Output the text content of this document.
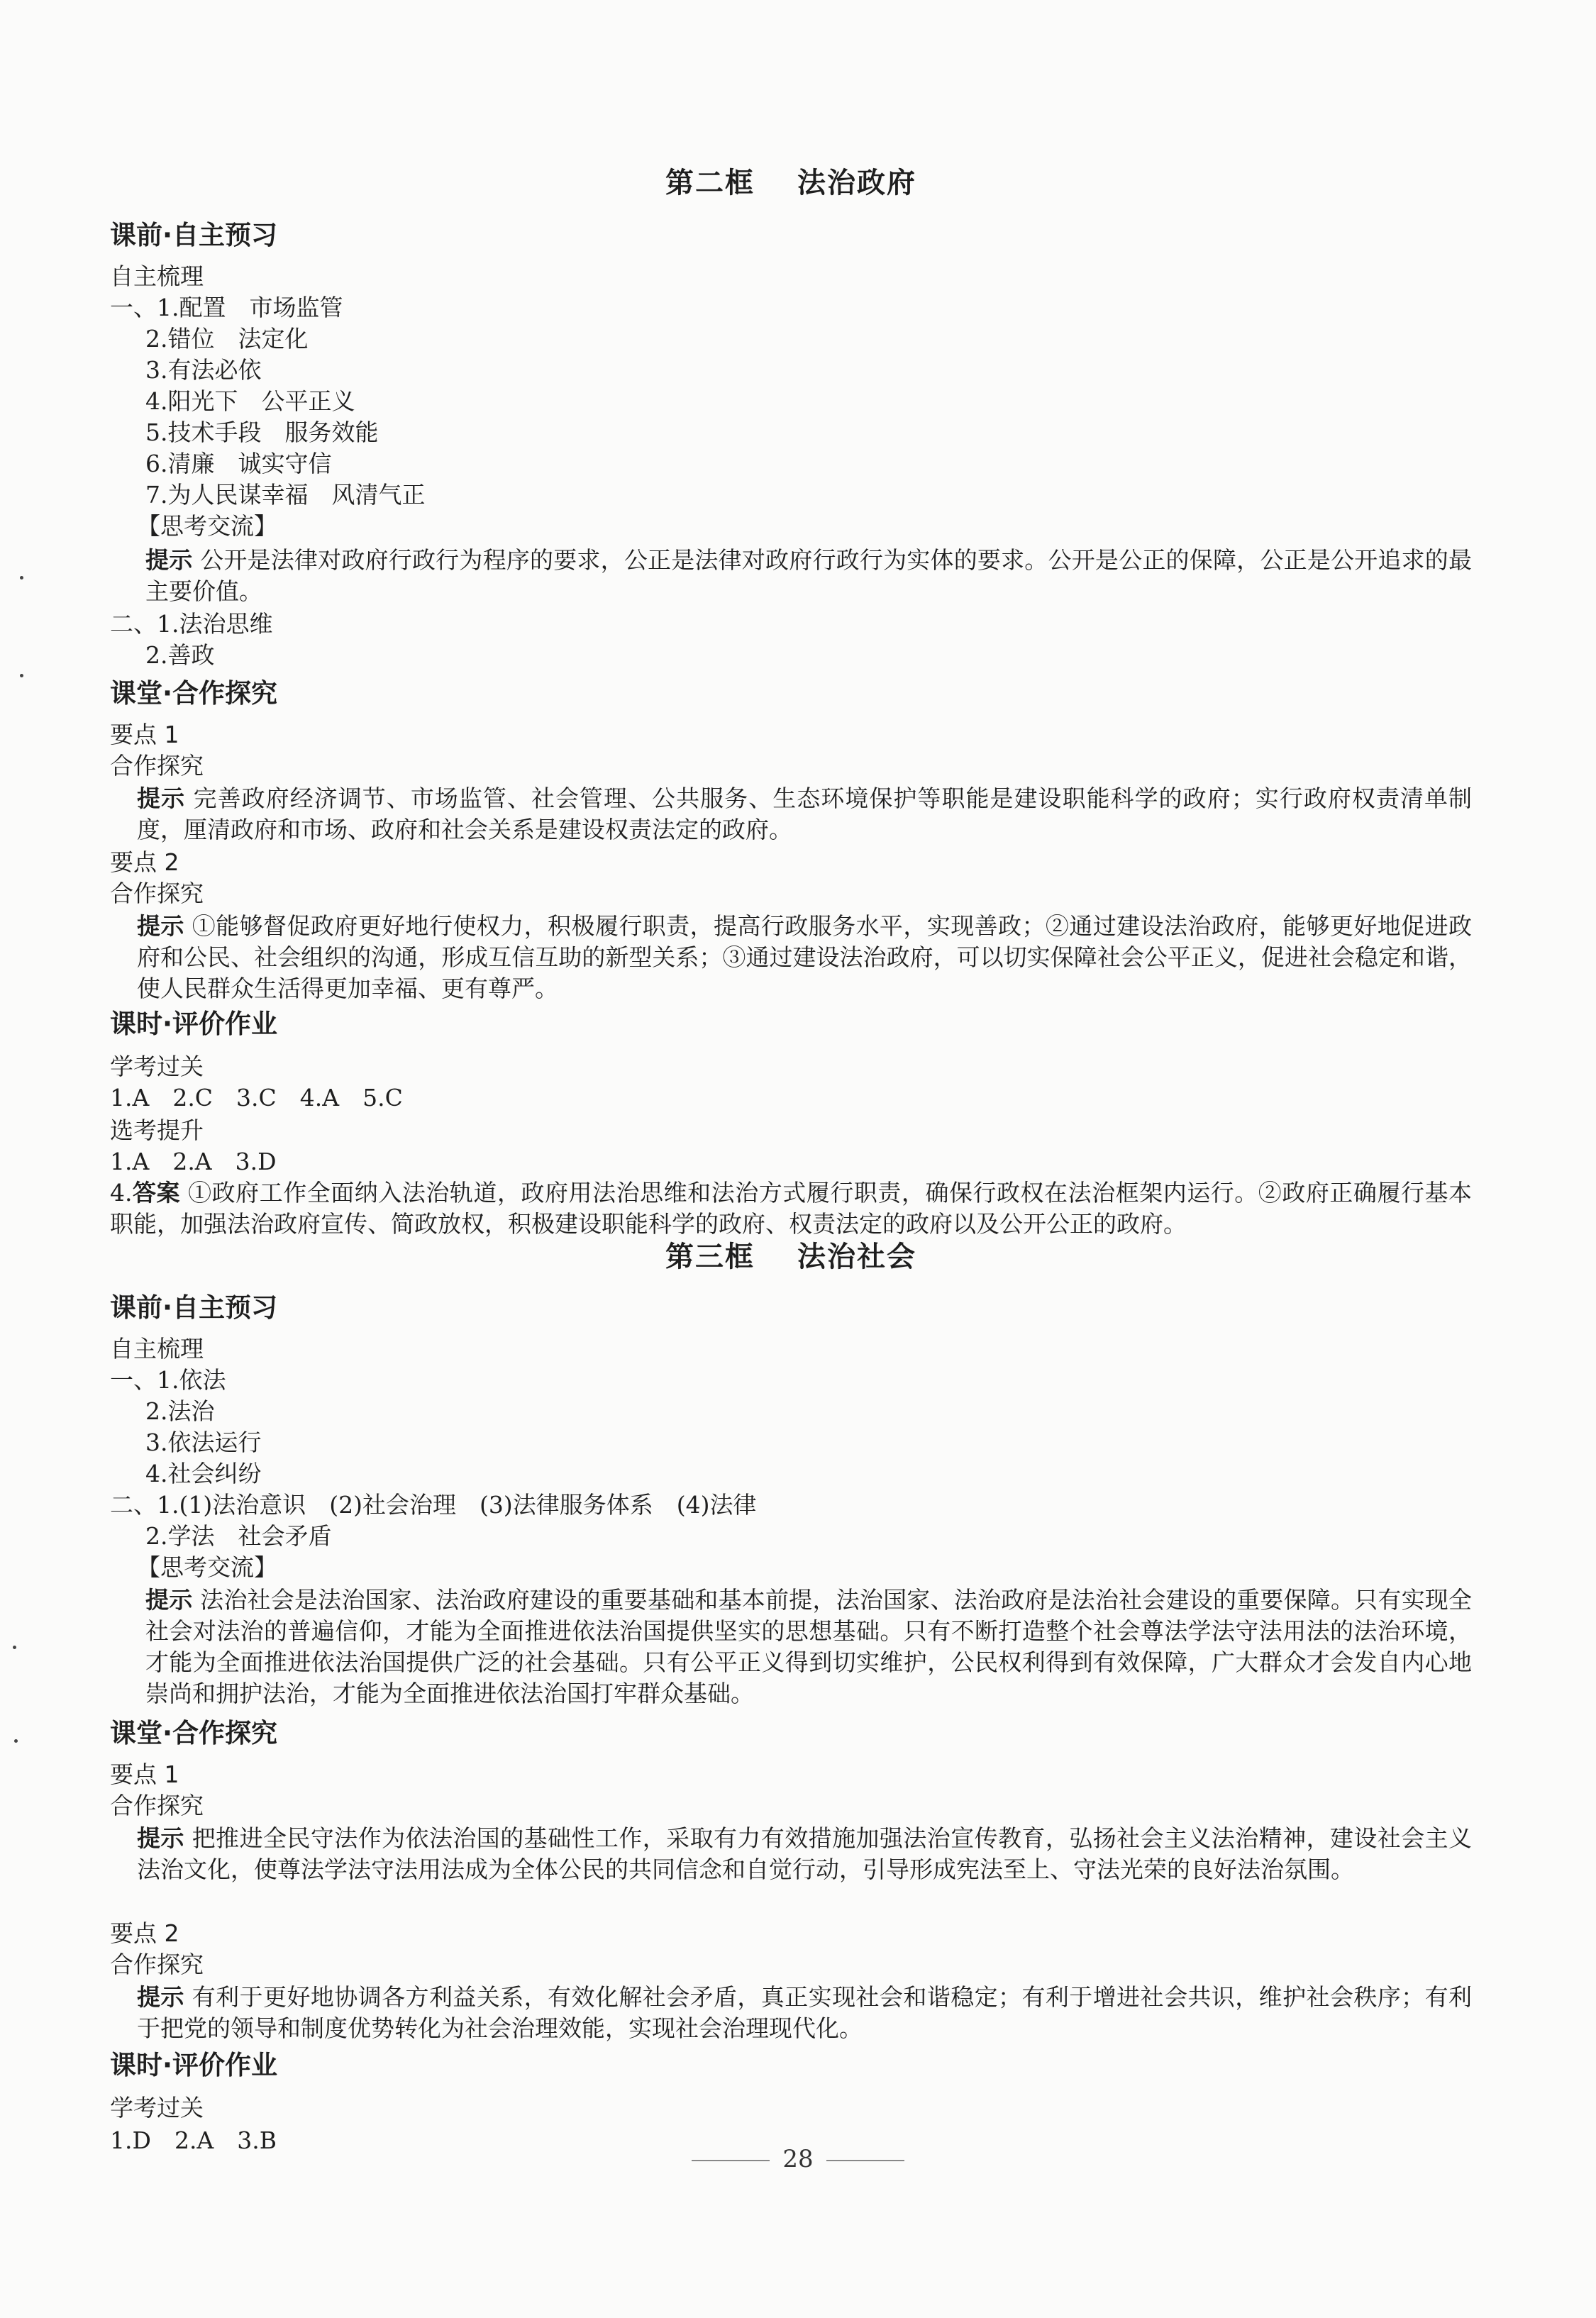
第二框 法治政府
课前·自主预习
自主梳理
一、1.配置　市场监管
2.错位　法定化
3.有法必依
4.阳光下　公平正义
5.技术手段　服务效能
6.清廉　诚实守信
7.为人民谋幸福　风清气正
【思考交流】
提示 公开是法律对政府行政行为程序的要求，公正是法律对政府行政行为实体的要求。公开是公正的保障，公正是公开追求的最主要价值。
二、1.法治思维
2.善政
课堂·合作探究
要点 1
合作探究
提示 完善政府经济调节、市场监管、社会管理、公共服务、生态环境保护等职能是建设职能科学的政府；实行政府权责清单制度，厘清政府和市场、政府和社会关系是建设权责法定的政府。
要点 2
合作探究
提示 ①能够督促政府更好地行使权力，积极履行职责，提高行政服务水平，实现善政；②通过建设法治政府，能够更好地促进政府和公民、社会组织的沟通，形成互信互助的新型关系；③通过建设法治政府，可以切实保障社会公平正义，促进社会稳定和谐，使人民群众生活得更加幸福、更有尊严。
课时·评价作业
学考过关
1.A　2.C　3.C　4.A　5.C
选考提升
1.A　2.A　3.D
4.答案 ①政府工作全面纳入法治轨道，政府用法治思维和法治方式履行职责，确保行政权在法治框架内运行。②政府正确履行基本职能，加强法治政府宣传、简政放权，积极建设职能科学的政府、权责法定的政府以及公开公正的政府。
第三框 法治社会
课前·自主预习
自主梳理
一、1.依法
2.法治
3.依法运行
4.社会纠纷
二、1.(1)法治意识　(2)社会治理　(3)法律服务体系　(4)法律
2.学法　社会矛盾
【思考交流】
提示 法治社会是法治国家、法治政府建设的重要基础和基本前提，法治国家、法治政府是法治社会建设的重要保障。只有实现全社会对法治的普遍信仰，才能为全面推进依法治国提供坚实的思想基础。只有不断打造整个社会尊法学法守法用法的法治环境，才能为全面推进依法治国提供广泛的社会基础。只有公平正义得到切实维护，公民权利得到有效保障，广大群众才会发自内心地崇尚和拥护法治，才能为全面推进依法治国打牢群众基础。
课堂·合作探究
要点 1
合作探究
提示 把推进全民守法作为依法治国的基础性工作，采取有力有效措施加强法治宣传教育，弘扬社会主义法治精神，建设社会主义法治文化，使尊法学法守法用法成为全体公民的共同信念和自觉行动，引导形成宪法至上、守法光荣的良好法治氛围。
要点 2
合作探究
提示 有利于更好地协调各方利益关系，有效化解社会矛盾，真正实现社会和谐稳定；有利于增进社会共识，维护社会秩序；有利于把党的领导和制度优势转化为社会治理效能，实现社会治理现代化。
课时·评价作业
学考过关
1.D　2.A　3.B
28
